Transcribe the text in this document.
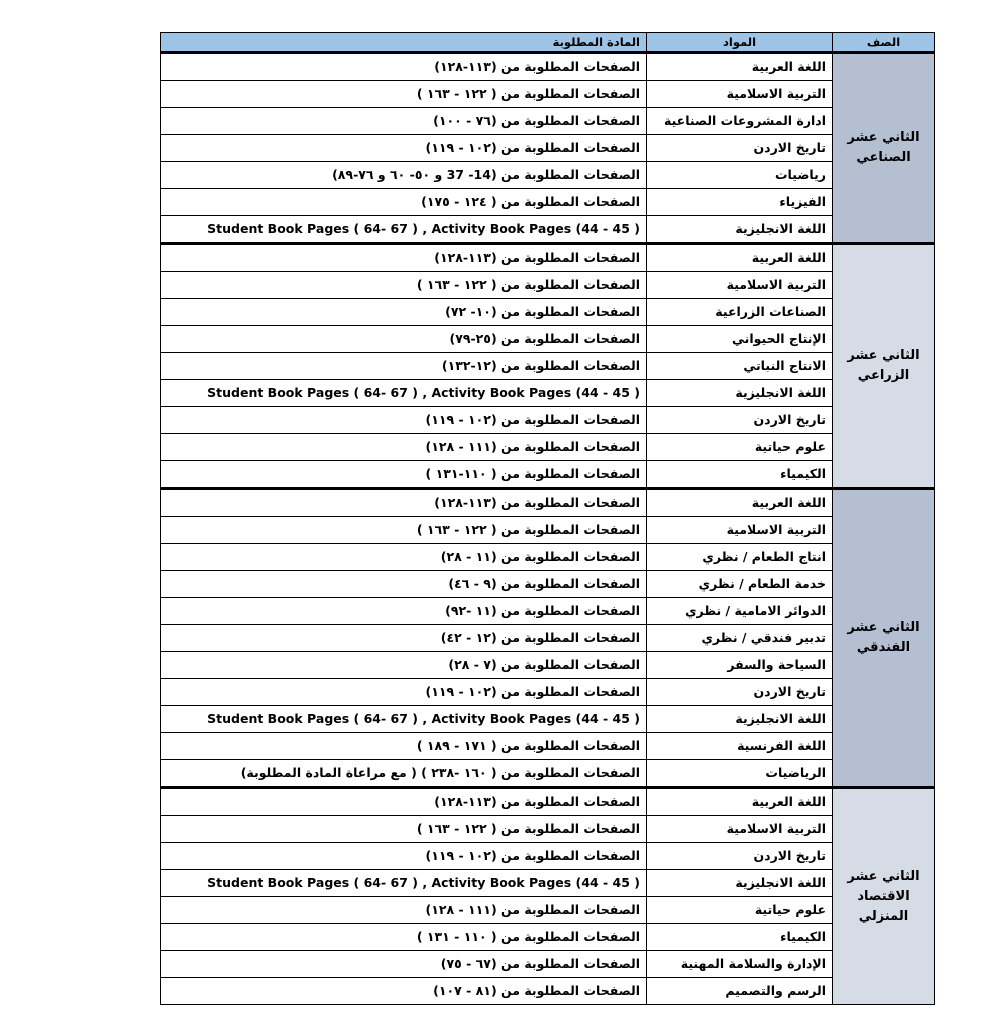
المادة المطلوبة	المواد	الصف
الصفحات المطلوبة من (١١٣-١٢٨)	اللغة العربية	الثاني عشر الصناعي
الصفحات المطلوبة من ( ١٢٢ - ١٦٣ )	التربية الاسلامية	
الصفحات المطلوبة من (٧٦ - ١٠٠)	ادارة المشروعات الصناعية	
الصفحات المطلوبة من (١٠٢ - ١١٩)	تاريخ الاردن	
الصفحات المطلوبة من (14- 37 و ٥٠- ٦٠ و ٧٦-٨٩)	رياضيات	
الصفحات المطلوبة من ( ١٢٤ - ١٧٥)	الفيزياء	
Student Book Pages ( 64- 67 ) , Activity Book Pages (44 - 45 )	اللغة الانجليزية	
الصفحات المطلوبة من (١١٣-١٢٨)	اللغة العربية	الثاني عشر الزراعي
الصفحات المطلوبة من ( ١٢٢ - ١٦٣ )	التربية الاسلامية	
الصفحات المطلوبة من (١٠- ٧٢)	الصناعات الزراعية	
الصفحات المطلوبة من (٢٥-٧٩)	الإنتاج الحيواني	
الصفحات المطلوبة من (١٢-١٣٢)	الانتاج النباتي	
Student Book Pages ( 64- 67 ) , Activity Book Pages (44 - 45 )	اللغة الانجليزية	
الصفحات المطلوبة من (١٠٢ - ١١٩)	تاريخ الاردن	
الصفحات المطلوبة من (١١١ - ١٢٨)	علوم حياتية	
الصفحات المطلوبة من ( ١١٠-١٣١ )	الكيمياء	
الصفحات المطلوبة من (١١٣-١٢٨)	اللغة العربية	الثاني عشر الفندقي
الصفحات المطلوبة من ( ١٢٢ - ١٦٣ )	التربية الاسلامية	
الصفحات المطلوبة من (١١ - ٢٨)	انتاج الطعام / نظري	
الصفحات المطلوبة من (٩ - ٤٦)	خدمة الطعام / نظري	
الصفحات المطلوبة من (١١ -٩٢)	الدوائر الامامية / نظري	
الصفحات المطلوبة من (١٢ - ٤٢)	تدبير فندقي / نظري	
الصفحات المطلوبة من (٧ - ٢٨)	السياحة والسفر	
الصفحات المطلوبة من (١٠٢ - ١١٩)	تاريخ الاردن	
Student Book Pages ( 64- 67 ) , Activity Book Pages (44 - 45 )	اللغة الانجليزية	
الصفحات المطلوبة من ( ١٧١ - ١٨٩ )	اللغة الفرنسية	
الصفحات المطلوبة من ( ١٦٠ -٢٣٨ ) ( مع مراعاة المادة المطلوبة)	الرياضيات	
الصفحات المطلوبة من (١١٣-١٢٨)	اللغة العربية	الثاني عشر الاقتصاد المنزلي
الصفحات المطلوبة من ( ١٢٢ - ١٦٣ )	التربية الاسلامية	
الصفحات المطلوبة من (١٠٢ - ١١٩)	تاريخ الاردن	
Student Book Pages ( 64- 67 ) , Activity Book Pages (44 - 45 )	اللغة الانجليزية	
الصفحات المطلوبة من (١١١ - ١٢٨)	علوم حياتية	
الصفحات المطلوبة من ( ١١٠ - ١٣١ )	الكيمياء	
الصفحات المطلوبة من (٦٧ - ٧٥)	الإدارة والسلامة المهنية	
الصفحات المطلوبة من (٨١ - ١٠٧)	الرسم والتصميم	
